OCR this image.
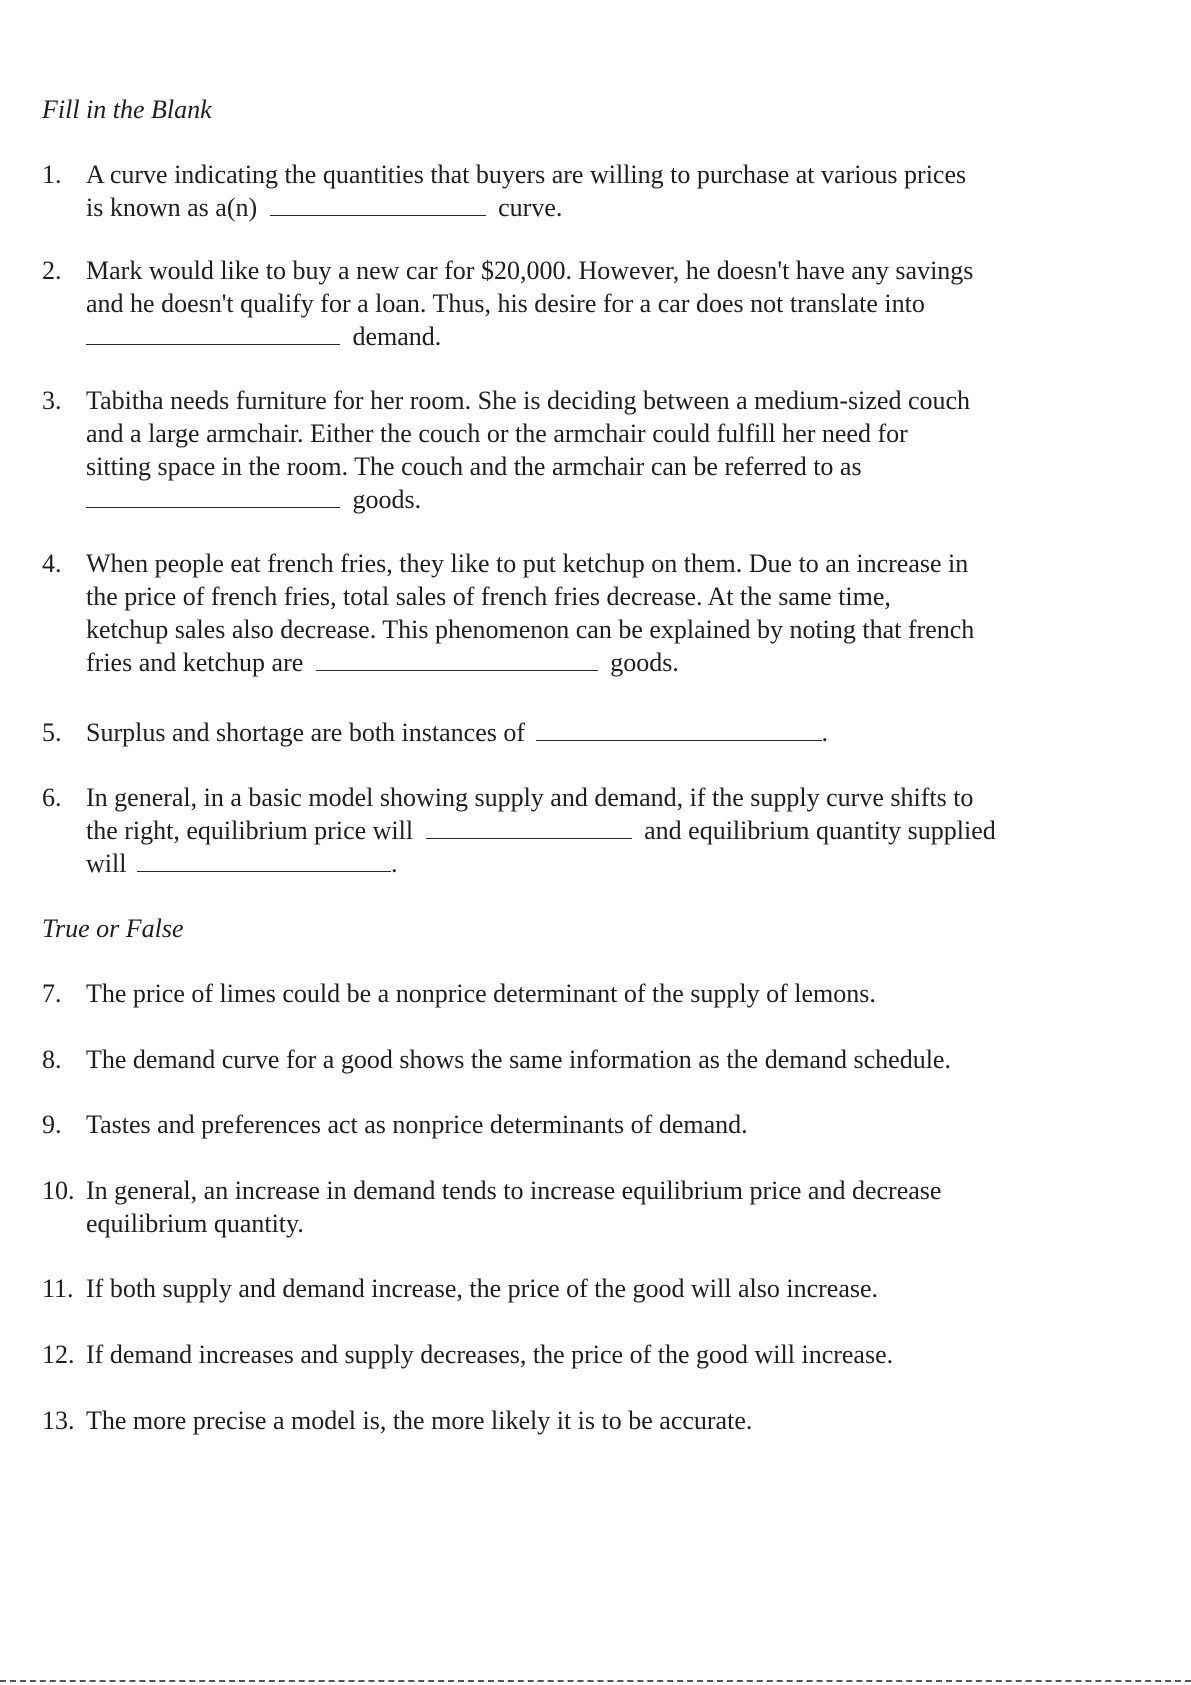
Fill in the Blank
1. A curve indicating the quantities that buyers are willing to purchase at various prices
is known as a(n)	curve.
2. Mark would like to buy a new car for $20,000. However, he doesn't have any savings
and he doesn't qualify for a loan. Thus, his desire for a car does not translate into
demand.
3. Tabitha needs furniture for her room. She is deciding between a medium-sized couch
and a large armchair. Either the couch or the armchair could fulfill her need for
sitting space in the room. The couch and the armchair can be referred to as
goods.
4. When people eat french fries, they like to put ketchup on them. Due to an increase in
the price of french fries, total sales of french fries decrease. At the same time,
ketchup sales also decrease. This phenomenon can be explained by noting that french
fries and ketchup are	goods.
5. Surplus and shortage are both instances of	.
6. In general, in a basic model showing supply and demand, if the supply curve shifts to
the right, equilibrium price will	and equilibrium quantity supplied
will	.
True or False
7. The price of limes could be a nonprice determinant of the supply of lemons.
8. The demand curve for a good shows the same information as the demand schedule.
9. Tastes and preferences act as nonprice determinants of demand.
10. In general, an increase in demand tends to increase equilibrium price and decrease
equilibrium quantity.
11. If both supply and demand increase, the price of the good will also increase.
12. If demand increases and supply decreases, the price of the good will increase.
13. The more precise a model is, the more likely it is to be accurate.
